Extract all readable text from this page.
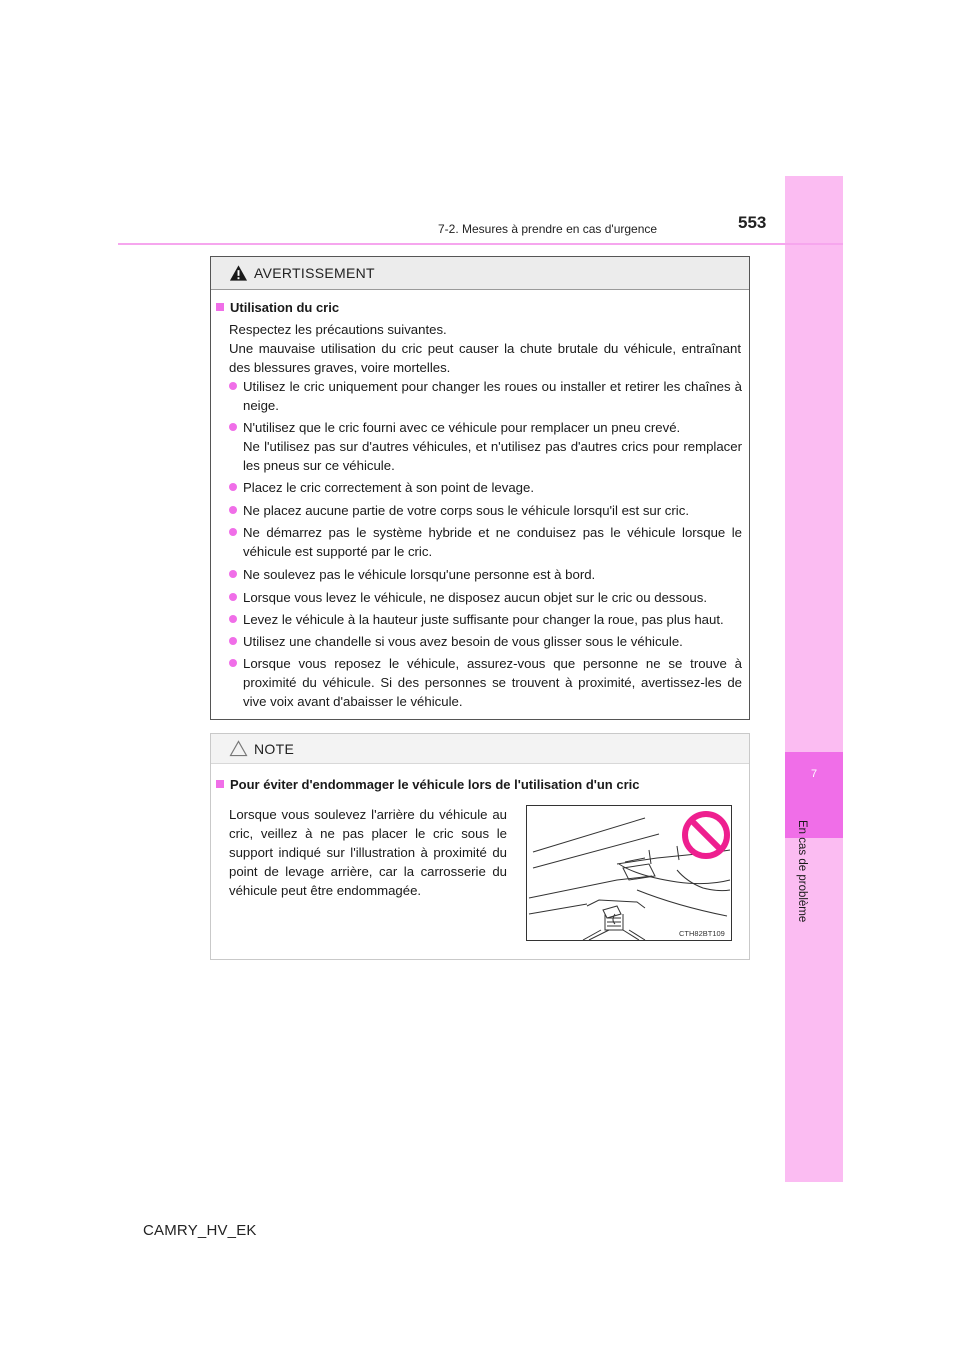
7
En cas de problème
7-2. Mesures à prendre en cas d'urgence	553
AVERTISSEMENT
Utilisation du cric
Respectez les précautions suivantes.
Une mauvaise utilisation du cric peut causer la chute brutale du véhicule, entraînant des blessures graves, voire mortelles.
Utilisez le cric uniquement pour changer les roues ou installer et retirer les chaînes à neige.
N'utilisez que le cric fourni avec ce véhicule pour remplacer un pneu crevé.
Ne l'utilisez pas sur d'autres véhicules, et n'utilisez pas d'autres crics pour remplacer les pneus sur ce véhicule.
Placez le cric correctement à son point de levage.
Ne placez aucune partie de votre corps sous le véhicule lorsqu'il est sur cric.
Ne démarrez pas le système hybride et ne conduisez pas le véhicule lorsque le véhicule est supporté par le cric.
Ne soulevez pas le véhicule lorsqu'une personne est à bord.
Lorsque vous levez le véhicule, ne disposez aucun objet sur le cric ou dessous.
Levez le véhicule à la hauteur juste suffisante pour changer la roue, pas plus haut.
Utilisez une chandelle si vous avez besoin de vous glisser sous le véhicule.
Lorsque vous reposez le véhicule, assurez-vous que personne ne se trouve à proximité du véhicule. Si des personnes se trouvent à proximité, avertissez-les de vive voix avant d'abaisser le véhicule.
NOTE
Pour éviter d'endommager le véhicule lors de l'utilisation d'un cric
Lorsque vous soulevez l'arrière du véhicule au cric, veillez à ne pas placer le cric sous le support indiqué sur l'illustration à proximité du point de levage arrière, car la carrosserie du véhicule peut être endommagée.
CTH82BT109
CAMRY_HV_EK
